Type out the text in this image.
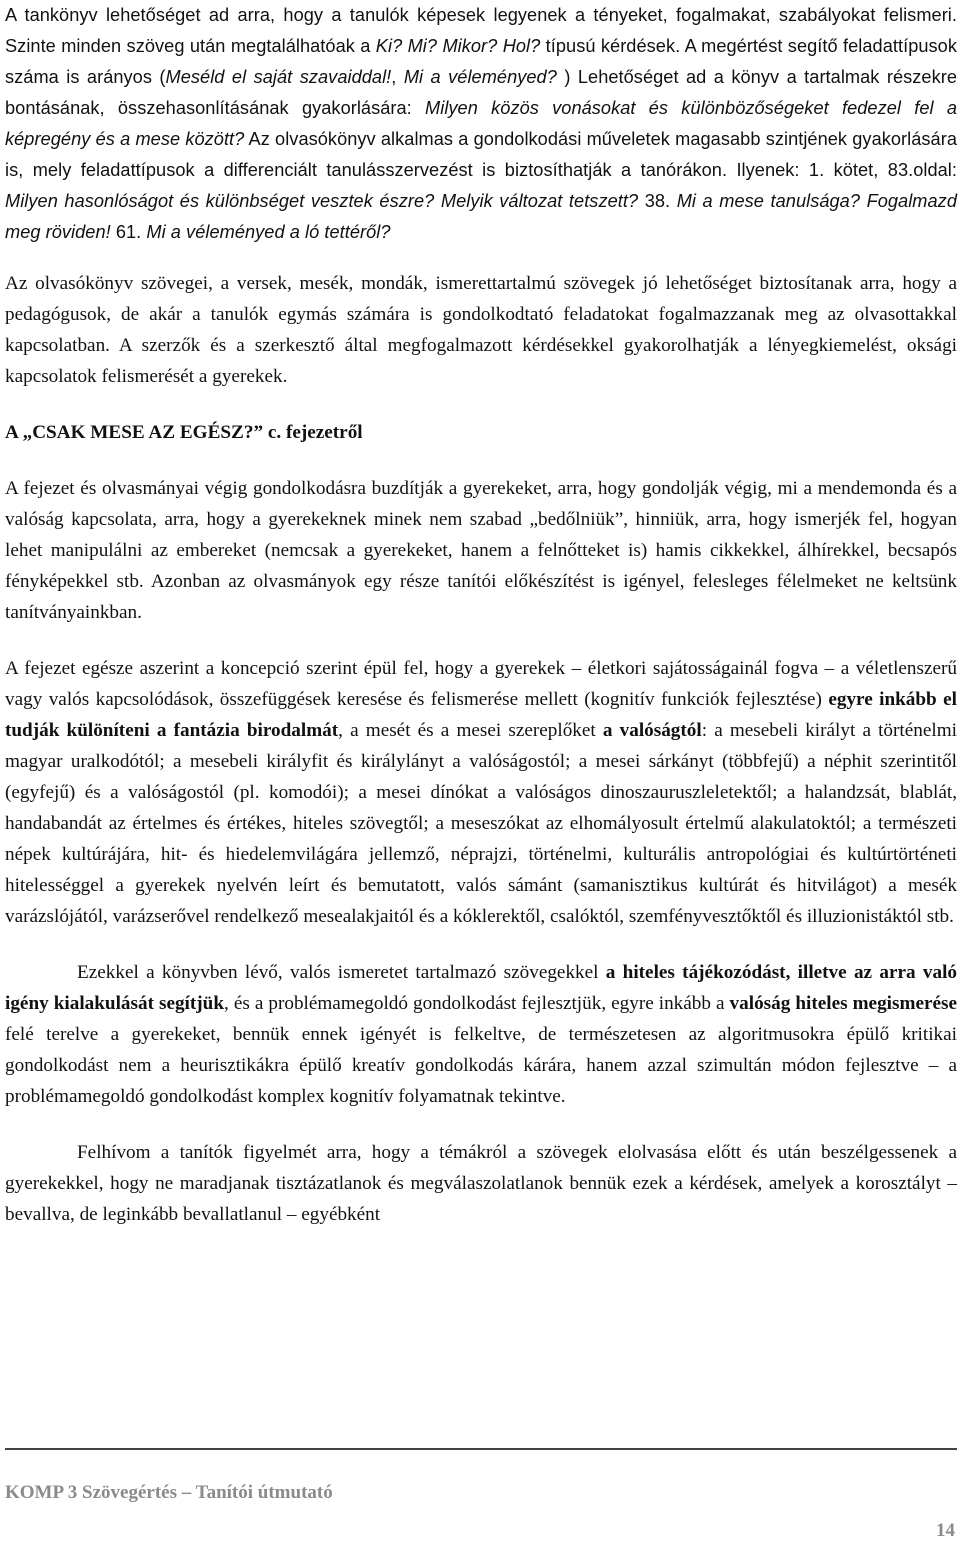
A tankönyv lehetőséget ad arra, hogy a tanulók képesek legyenek a tényeket, fogalmakat, szabályokat felismeri. Szinte minden szöveg után megtalálhatóak a Ki? Mi? Mikor? Hol? típusú kérdések. A megértést segítő feladattípusok száma is arányos (Meséld el saját szavaiddal!, Mi a véleményed? ) Lehetőséget ad a könyv a tartalmak részekre bontásának, összehasonlításának gyakorlására: Milyen közös vonásokat és különbözőségeket fedezel fel a képregény és a mese között? Az olvasókönyv alkalmas a gondolkodási műveletek magasabb szintjének gyakorlására is, mely feladattípusok a differenciált tanulásszervezést is biztosíthatják a tanórákon. Ilyenek: 1. kötet, 83.oldal: Milyen hasonlóságot és különbséget vesztek észre? Melyik változat tetszett? 38. Mi a mese tanulsága? Fogalmazd meg röviden! 61. Mi a véleményed a ló tettéről?

Az olvasókönyv szövegei, a versek, mesék, mondák, ismerettartalmú szövegek jó lehetőséget biztosítanak arra, hogy a pedagógusok, de akár a tanulók egymás számára is gondolkodtató feladatokat fogalmazzanak meg az olvasottakkal kapcsolatban. A szerzők és a szerkesztő által megfogalmazott kérdésekkel gyakorolhatják a lényegkiemelést, oksági kapcsolatok felismerését a gyerekek.

A „CSAK MESE AZ EGÉSZ?” c. fejezetről

A fejezet és olvasmányai végig gondolkodásra buzdítják a gyerekeket, arra, hogy gondolják végig, mi a mendemonda és a valóság kapcsolata, arra, hogy a gyerekeknek minek nem szabad „bedőlniük”, hinniük, arra, hogy ismerjék fel, hogyan lehet manipulálni az embereket (nemcsak a gyerekeket, hanem a felnőtteket is) hamis cikkekkel, álhírekkel, becsapós fényképekkel stb. Azonban az olvasmányok egy része tanítói előkészítést is igényel, felesleges félelmeket ne keltsünk tanítványainkban.

A fejezet egésze aszerint a koncepció szerint épül fel, hogy a gyerekek – életkori sajátosságainál fogva – a véletlenszerű vagy valós kapcsolódások, összefüggések keresése és felismerése mellett (kognitív funkciók fejlesztése) egyre inkább el tudják különíteni a fantázia birodalmát, a mesét és a mesei szereplőket a valóságtól: a mesebeli királyt a történelmi magyar uralkodótól; a mesebeli királyfit és királylányt a valóságostól; a mesei sárkányt (többfejű) a néphit szerintitől (egyfejű) és a valóságostól (pl. komodói); a mesei dínókat a valóságos dinoszauruszleletektől; a halandzsát, blablát, handabandát az értelmes és értékes, hiteles szövegtől; a meseszókat az elhomályosult értelmű alakulatoktól; a természeti népek kultúrájára, hit- és hiedelemvilágára jellemző, néprajzi, történelmi, kulturális antropológiai és kultúrtörténeti hitelességgel a gyerekek nyelvén leírt és bemutatott, valós sámánt (samanisztikus kultúrát és hitvilágot) a mesék varázslójától, varázserővel rendelkező mesealakjaitól és a kóklerektől, csalóktól, szemfényvesztőktől és illuzionistáktól stb.

Ezekkel a könyvben lévő, valós ismeretet tartalmazó szövegekkel a hiteles tájékozódást, illetve az arra való igény kialakulását segítjük, és a problémamegoldó gondolkodást fejlesztjük, egyre inkább a valóság hiteles megismerése felé terelve a gyerekeket, bennük ennek igényét is felkeltve, de természetesen az algoritmusokra épülő kritikai gondolkodást nem a heurisztikákra épülő kreatív gondolkodás kárára, hanem azzal szimultán módon fejlesztve – a problémamegoldó gondolkodást komplex kognitív folyamatnak tekintve.

Felhívom a tanítók figyelmét arra, hogy a témákról a szövegek elolvasása előtt és után beszélgessenek a gyerekekkel, hogy ne maradjanak tisztázatlanok és megválaszolatlanok bennük ezek a kérdések, amelyek a korosztályt – bevallva, de leginkább bevallatlanul – egyébként

KOMP 3 Szövegértés – Tanítói útmutató
14
